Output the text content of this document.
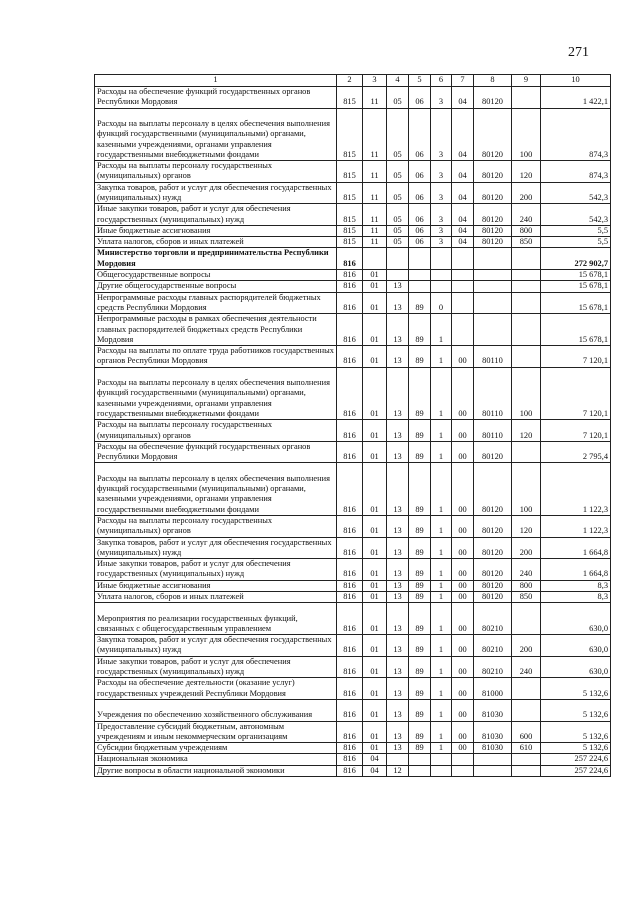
271
1	2	3	4	5	6	7	8	9	10
Расходы на обеспечение функций государственных органов Республики Мордовия	815	11	05	06	3	04	80120		1 422,1
Расходы на выплаты персоналу в целях обеспечения выполнения функций государственными (муниципальными) органами, казенными учреждениями, органами управления государственными внебюджетными фондами	815	11	05	06	3	04	80120	100	874,3
Расходы на выплаты персоналу государственных (муниципальных) органов	815	11	05	06	3	04	80120	120	874,3
Закупка товаров, работ и услуг для обеспечения государственных (муниципальных) нужд	815	11	05	06	3	04	80120	200	542,3
Иные закупки товаров, работ и услуг для обеспечения государственных (муниципальных) нужд	815	11	05	06	3	04	80120	240	542,3
Иные бюджетные ассигнования	815	11	05	06	3	04	80120	800	5,5
Уплата налогов, сборов и иных платежей	815	11	05	06	3	04	80120	850	5,5
Министерство торговли и предпринимательства Республики Мордовия	816								272 902,7
Общегосударственные вопросы	816	01							15 678,1
Другие общегосударственные вопросы	816	01	13						15 678,1
Непрограммные расходы главных распорядителей бюджетных средств Республики Мордовия	816	01	13	89	0				15 678,1
Непрограммные расходы в рамках обеспечения деятельности главных распорядителей бюджетных средств Республики Мордовия	816	01	13	89	1				15 678,1
Расходы на выплаты по оплате труда работников государственных органов Республики Мордовия	816	01	13	89	1	00	80110		7 120,1
Расходы на выплаты персоналу в целях обеспечения выполнения функций государственными (муниципальными) органами, казенными учреждениями, органами управления государственными внебюджетными фондами	816	01	13	89	1	00	80110	100	7 120,1
Расходы на выплаты персоналу государственных (муниципальных) органов	816	01	13	89	1	00	80110	120	7 120,1
Расходы на обеспечение функций государственных органов Республики Мордовия	816	01	13	89	1	00	80120		2 795,4
Расходы на выплаты персоналу в целях обеспечения выполнения функций государственными (муниципальными) органами, казенными учреждениями, органами управления государственными внебюджетными фондами	816	01	13	89	1	00	80120	100	1 122,3
Расходы на выплаты персоналу государственных (муниципальных) органов	816	01	13	89	1	00	80120	120	1 122,3
Закупка товаров, работ и услуг для обеспечения государственных (муниципальных) нужд	816	01	13	89	1	00	80120	200	1 664,8
Иные закупки товаров, работ и услуг для обеспечения государственных (муниципальных) нужд	816	01	13	89	1	00	80120	240	1 664,8
Иные бюджетные ассигнования	816	01	13	89	1	00	80120	800	8,3
Уплата налогов, сборов и иных платежей	816	01	13	89	1	00	80120	850	8,3
Мероприятия по реализации государственных функций, связанных с общегосударственным управлением	816	01	13	89	1	00	80210		630,0
Закупка товаров, работ и услуг для обеспечения государственных (муниципальных) нужд	816	01	13	89	1	00	80210	200	630,0
Иные закупки товаров, работ и услуг для обеспечения государственных (муниципальных) нужд	816	01	13	89	1	00	80210	240	630,0
Расходы на обеспечение деятельности (оказание услуг) государственных учреждений Республики Мордовия	816	01	13	89	1	00	81000		5 132,6
Учреждения по обеспечению хозяйственного обслуживания	816	01	13	89	1	00	81030		5 132,6
Предоставление субсидий бюджетным, автономным учреждениям и иным некоммерческим организациям	816	01	13	89	1	00	81030	600	5 132,6
Субсидии бюджетным учреждениям	816	01	13	89	1	00	81030	610	5 132,6
Национальная экономика	816	04							257 224,6
Другие вопросы в области национальной экономики	816	04	12						257 224,6
